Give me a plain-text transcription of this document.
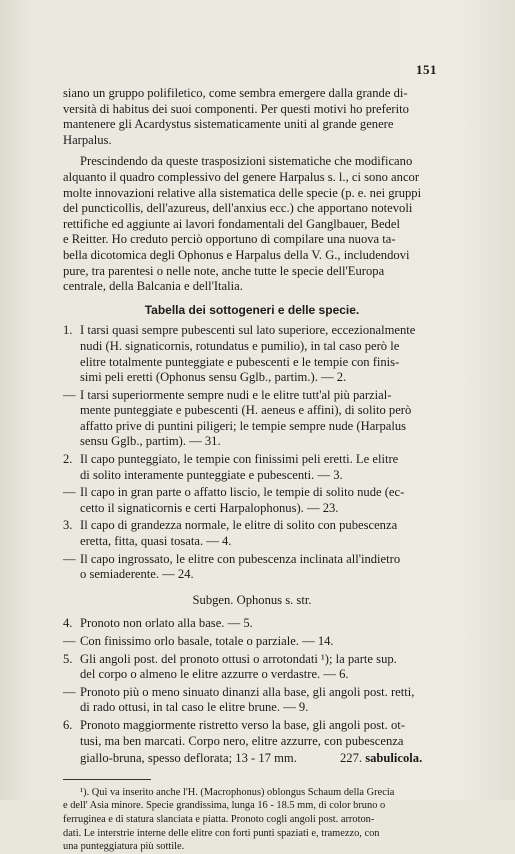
151
siano un gruppo polifiletico, come sembra emergere dalla grande di-
versità di habitus dei suoi componenti. Per questi motivi ho preferito
mantenere gli Acardystus sistematicamente uniti al grande genere
Harpalus.
Prescindendo da queste trasposizioni sistematiche che modificano
alquanto il quadro complessivo del genere Harpalus s. l., ci sono ancor
molte innovazioni relative alla sistematica delle specie (p. e. nei gruppi
del puncticollis, dell'azureus, dell'anxius ecc.) che apportano notevoli
rettifiche ed aggiunte ai lavori fondamentali del Ganglbauer, Bedel
e Reitter. Ho creduto perciò opportuno di compilare una nuova ta-
bella dicotomica degli Ophonus e Harpalus della V. G., includendovi
pure, tra parentesi o nelle note, anche tutte le specie dell'Europa
centrale, della Balcania e dell'Italia.
Tabella dei sottogeneri e delle specie.
1. I tarsi quasi sempre pubescenti sul lato superiore, eccezionalmente
nudi (H. signaticornis, rotundatus e pumilio), in tal caso però le
elitre totalmente punteggiate e pubescenti e le tempie con finis-
simi peli eretti (Ophonus sensu Gglb., partim.). — 2.
— I tarsi superiormente sempre nudi e le elitre tutt'al più parzial-
mente punteggiate e pubescenti (H. aeneus e affini), di solito però
affatto prive di puntini piligeri; le tempie sempre nude (Harpalus
sensu Gglb., partim). — 31.
2. Il capo punteggiato, le tempie con finissimi peli eretti. Le elitre
di solito interamente punteggiate e pubescenti. — 3.
— Il capo in gran parte o affatto liscio, le tempie di solito nude (ec-
cetto il signaticornis e certi Harpalophonus). — 23.
3. Il capo di grandezza normale, le elitre di solito con pubescenza
eretta, fitta, quasi tosata. — 4.
— Il capo ingrossato, le elitre con pubescenza inclinata all'indietro
o semiaderente. — 24.
Subgen. Ophonus s. str.
4. Pronoto non orlato alla base. — 5.
— Con finissimo orlo basale, totale o parziale. — 14.
5. Gli angoli post. del pronoto ottusi o arrotondati ¹); la parte sup.
del corpo o almeno le elitre azzurre o verdastre. — 6.
— Pronoto più o meno sinuato dinanzi alla base, gli angoli post. retti,
di rado ottusi, in tal caso le elitre brune. — 9.
6. Pronoto maggiormente ristretto verso la base, gli angoli post. ot-
tusi, ma ben marcati. Corpo nero, elitre azzurre, con pubescenza
giallo-bruna, spesso deflorata; 13 - 17 mm.	227. sabulicola.
¹). Qui va inserito anche l'H. (Macrophonus) oblongus Schaum della Grecia
e dell' Asia minore. Specie grandissima, lunga 16 - 18.5 mm, di color bruno o
ferruginea e di statura slanciata e piatta. Pronoto cogli angoli post. arroton-
dati. Le interstrie interne delle elitre con forti punti spaziati e, tramezzo, con
una punteggiatura più sottile.
